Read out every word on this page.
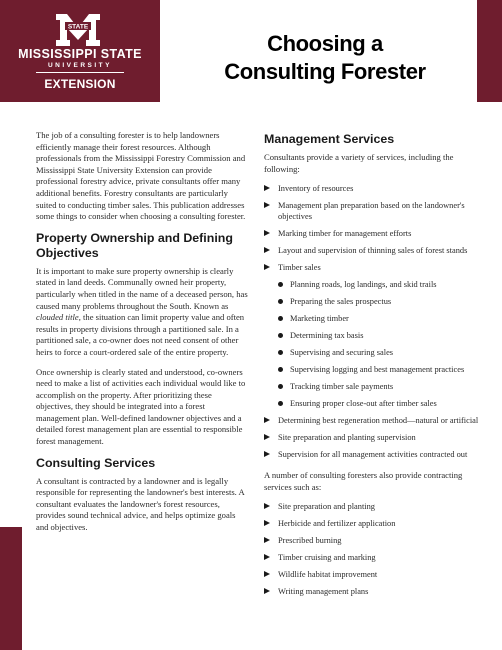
STATE
MISSISSIPPI STATE
UNIVERSITY
EXTENSION
Choosing a
Consulting Forester

The job of a consulting forester is to help landowners efficiently manage their forest resources. Although professionals from the Mississippi Forestry Commission and Mississippi State University Extension can provide professional forestry advice, private consultants offer many additional benefits. Forestry consultants are particularly suited to conducting timber sales. This publication addresses some things to consider when choosing a consulting forester.

Property Ownership and Defining Objectives

It is important to make sure property ownership is clearly stated in land deeds. Communally owned heir property, particularly when titled in the name of a deceased person, has caused many problems throughout the South. Known as clouded title, the situation can limit property value and often results in property divisions through a partitioned sale. In a partitioned sale, a co-owner does not need consent of other heirs to force a court-ordered sale of the entire property.

Once ownership is clearly stated and understood, co-owners need to make a list of activities each individual would like to accomplish on the property. After prioritizing these objectives, they should be integrated into a forest management plan. Well-defined landowner objectives and a detailed forest management plan are essential to responsible forest management.

Consulting Services

A consultant is contracted by a landowner and is legally responsible for representing the landowner's best interests. A consultant evaluates the landowner's forest resources, provides sound technical advice, and helps optimize goals and objectives.

Management Services

Consultants provide a variety of services, including the following:

Inventory of resources
Management plan preparation based on the landowner's objectives
Marking timber for management efforts
Layout and supervision of thinning sales of forest stands
Timber sales
Planning roads, log landings, and skid trails
Preparing the sales prospectus
Marketing timber
Determining tax basis
Supervising and securing sales
Supervising logging and best management practices
Tracking timber sale payments
Ensuring proper close-out after timber sales
Determining best regeneration method—natural or artificial
Site preparation and planting supervision
Supervision for all management activities contracted out

A number of consulting foresters also provide contracting services such as:

Site preparation and planting
Herbicide and fertilizer application
Prescribed burning
Timber cruising and marking
Wildlife habitat improvement
Writing management plans
